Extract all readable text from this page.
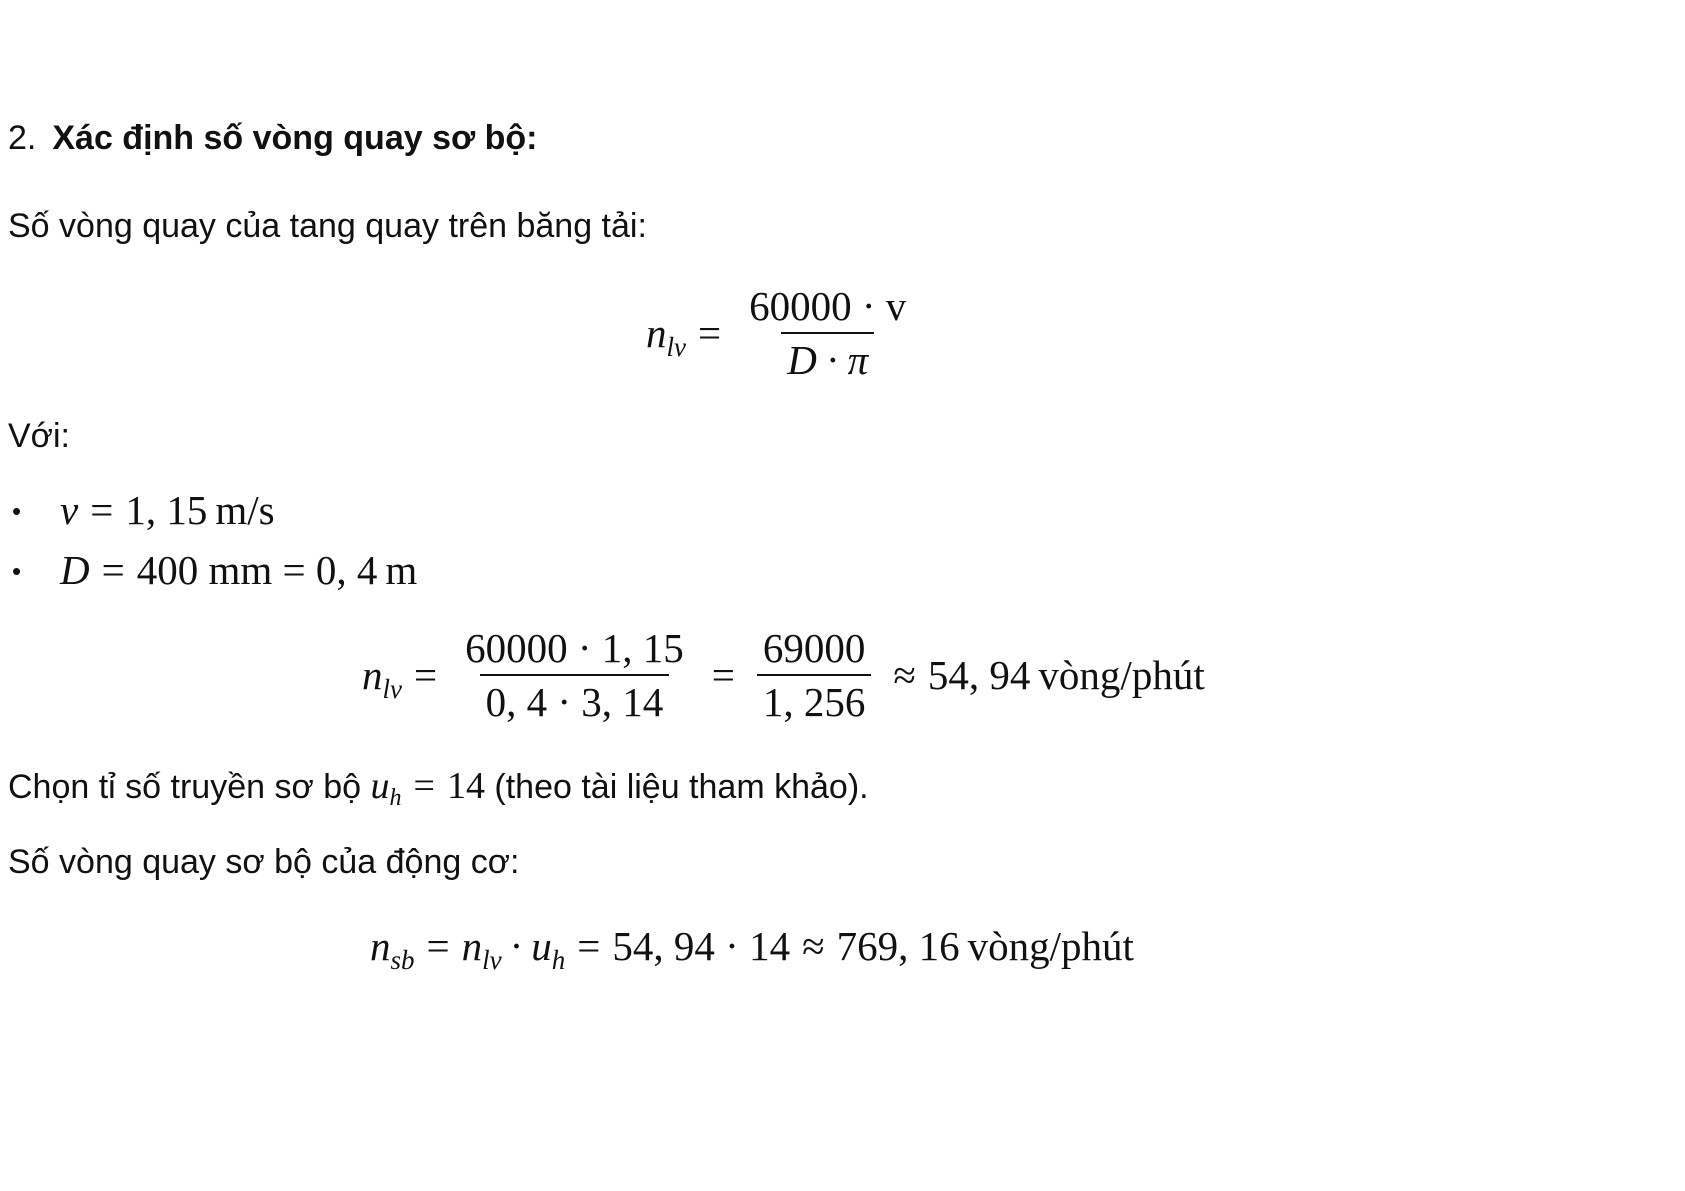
2. Xác định số vòng quay sơ bộ:
Số vòng quay của tang quay trên băng tải:
$n_{lv} = \frac{60000 \cdot v}{D \cdot \pi}$
Với:
• v = 1, 15 m/s
• D = 400 mm = 0, 4 m
$n_{lv} = \frac{60000 \cdot 1, 15}{0, 4 \cdot 3, 14} = \frac{69000}{1, 256} \approx 54$, 94 vòng/phút
Chọn tỉ số truyền sơ bộ uh = 14 (theo tài liệu tham khảo).
Số vòng quay sơ bộ của động cơ:
$n_{sb} = n_{lv} \cdot u_h = 54$, 94 · 14 ≈ 769, 16 vòng/phút
